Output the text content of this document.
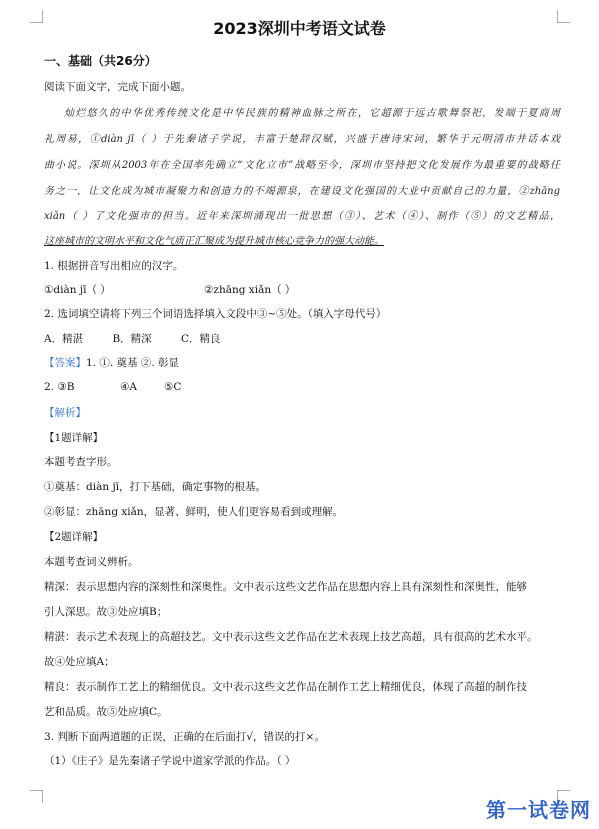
2023深圳中考语文试卷
一、基础（共26分）
阅读下面文字，完成下面小题。
灿烂悠久的中华优秀传统文化是中华民族的精神血脉之所在，它超源于远古歌舞祭祀，发端于夏商周
礼周易，①diàn jī（ ）于先秦诸子学说，丰富于楚辞汉赋，兴盛于唐诗宋词，繁华于元明清市井话本戏
曲小说。深圳从2003年在全国率先确立“文化立市”战略至今，深圳市坚持把文化发展作为最重要的战略任
务之一，让文化成为城市凝聚力和创造力的不竭源泉，在建设文化强国的大业中贡献自己的力量，②zhāng
xiǎn（ ）了文化强市的担当。近年来深圳涌现出一批思想（③）、艺术（④）、制作（⑤）的文艺精品，
这座城市的文明水平和文化气质正汇聚成为提升城市核心竞争力的强大动能。
1. 根据拼音写出相应的汉字。
①diàn jī（ ）	②zhāng xiǎn（ ）
2. 选词填空请将下列三个词语选择填入文段中③~⑤处。（填入字母代号）
A．精湛	B．精深	C．精良
【答案】1. ①. 奠基 ②. 彰显
2. ③B	④A	⑤C
【解析】
【1题详解】
本题考查字形。
①奠基：diàn jī，打下基础，确定事物的根基。
②彰显：zhāng xiǎn，显著、鲜明，使人们更容易看到或理解。
【2题详解】
本题考查词义辨析。
精深：表示思想内容的深刻性和深奥性。文中表示这些文艺作品在思想内容上具有深刻性和深奥性，能够
引人深思。故③处应填B；
精湛：表示艺术表现上的高超技艺。文中表示这些文艺作品在艺术表现上技艺高超，具有很高的艺术水平。
故④处应填A；
精良：表示制作工艺上的精细优良。文中表示这些文艺作品在制作工艺上精细优良，体现了高超的制作技
艺和品质。故⑤处应填C。
3. 判断下面两道题的正误，正确的在后面打√，错误的打×。
（1）《庄子》是先秦诸子学说中道家学派的作品。（ ）
第一试卷网
